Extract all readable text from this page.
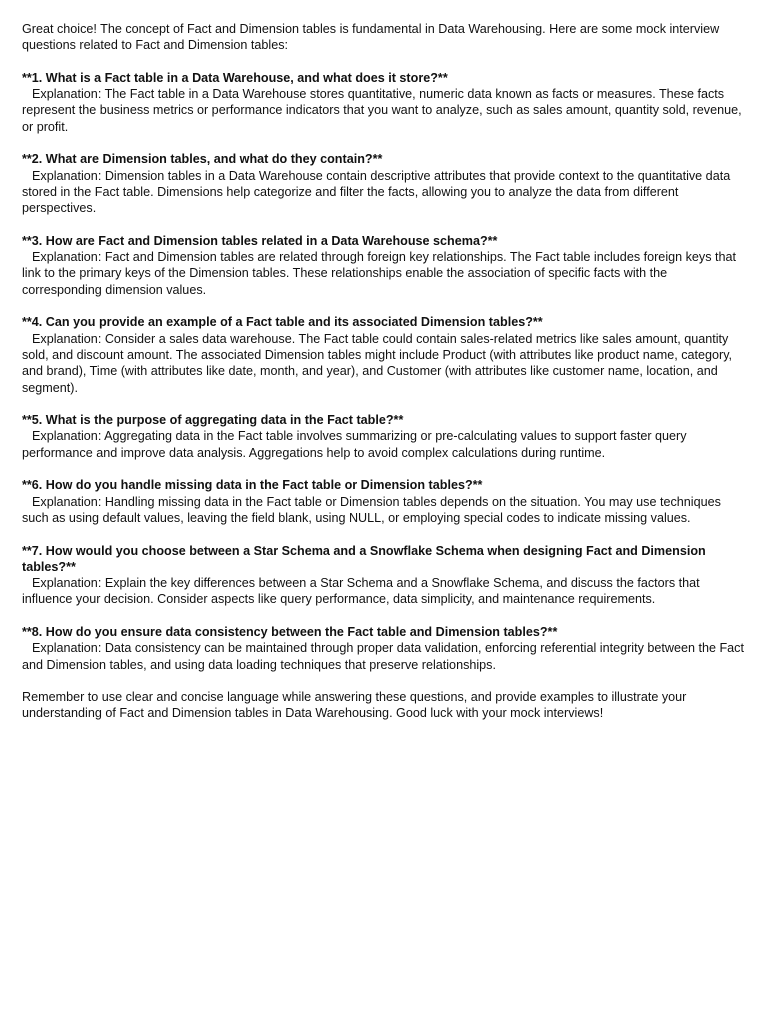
Great choice! The concept of Fact and Dimension tables is fundamental in Data Warehousing. Here are some mock interview questions related to Fact and Dimension tables:

**1. What is a Fact table in a Data Warehouse, and what does it store?**

Explanation: The Fact table in a Data Warehouse stores quantitative, numeric data known as facts or measures. These facts represent the business metrics or performance indicators that you want to analyze, such as sales amount, quantity sold, revenue, or profit.

**2. What are Dimension tables, and what do they contain?**

Explanation: Dimension tables in a Data Warehouse contain descriptive attributes that provide context to the quantitative data stored in the Fact table. Dimensions help categorize and filter the facts, allowing you to analyze the data from different perspectives.

**3. How are Fact and Dimension tables related in a Data Warehouse schema?**

Explanation: Fact and Dimension tables are related through foreign key relationships. The Fact table includes foreign keys that link to the primary keys of the Dimension tables. These relationships enable the association of specific facts with the corresponding dimension values.

**4. Can you provide an example of a Fact table and its associated Dimension tables?**

Explanation: Consider a sales data warehouse. The Fact table could contain sales-related metrics like sales amount, quantity sold, and discount amount. The associated Dimension tables might include Product (with attributes like product name, category, and brand), Time (with attributes like date, month, and year), and Customer (with attributes like customer name, location, and segment).

**5. What is the purpose of aggregating data in the Fact table?**

Explanation: Aggregating data in the Fact table involves summarizing or pre-calculating values to support faster query performance and improve data analysis. Aggregations help to avoid complex calculations during runtime.

**6. How do you handle missing data in the Fact table or Dimension tables?**

Explanation: Handling missing data in the Fact table or Dimension tables depends on the situation. You may use techniques such as using default values, leaving the field blank, using NULL, or employing special codes to indicate missing values.

**7. How would you choose between a Star Schema and a Snowflake Schema when designing Fact and Dimension tables?**

Explanation: Explain the key differences between a Star Schema and a Snowflake Schema, and discuss the factors that influence your decision. Consider aspects like query performance, data simplicity, and maintenance requirements.

**8. How do you ensure data consistency between the Fact table and Dimension tables?**

Explanation: Data consistency can be maintained through proper data validation, enforcing referential integrity between the Fact and Dimension tables, and using data loading techniques that preserve relationships.

Remember to use clear and concise language while answering these questions, and provide examples to illustrate your understanding of Fact and Dimension tables in Data Warehousing. Good luck with your mock interviews!
